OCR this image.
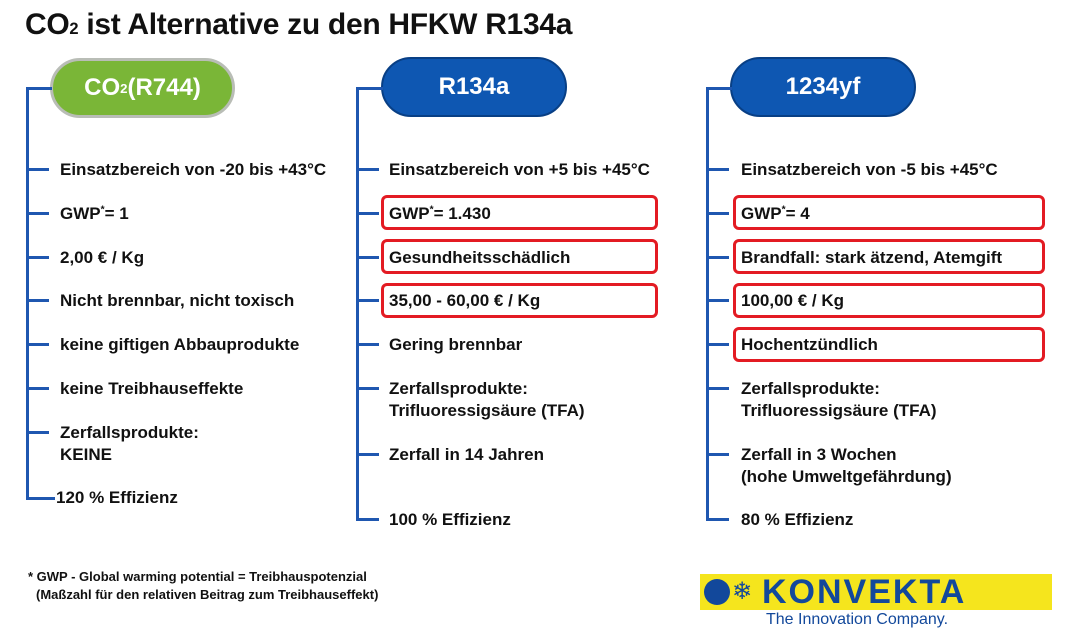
CO2 ist Alternative zu den HFKW R134a
CO 2 (R744)
Einsatzbereich von -20 bis +43°C
GWP*= 1
2,00 € / Kg
Nicht brennbar, nicht toxisch
keine giftigen Abbauprodukte
keine Treibhauseffekte
Zerfallsprodukte:
KEINE
120 % Effizienz
R134a
Einsatzbereich von +5 bis +45°C
GWP*= 1.430
Gesundheitsschädlich
35,00 - 60,00 € / Kg
Gering brennbar
Zerfallsprodukte:
Trifluoressigsäure (TFA)
Zerfall in 14 Jahren
100 % Effizienz
1234yf
Einsatzbereich von -5 bis +45°C
GWP*= 4
Brandfall: stark ätzend, Atemgift
100,00 € / Kg
Hochentzündlich
Zerfallsprodukte:
Trifluoressigsäure (TFA)
Zerfall in 3 Wochen
(hohe Umweltgefährdung)
80 % Effizienz
* GWP - Global warming potential = Treibhauspotenzial
(Maßzahl für den relativen Beitrag zum Treibhauseffekt)	❄ KONVEKTA
The Innovation Company.
